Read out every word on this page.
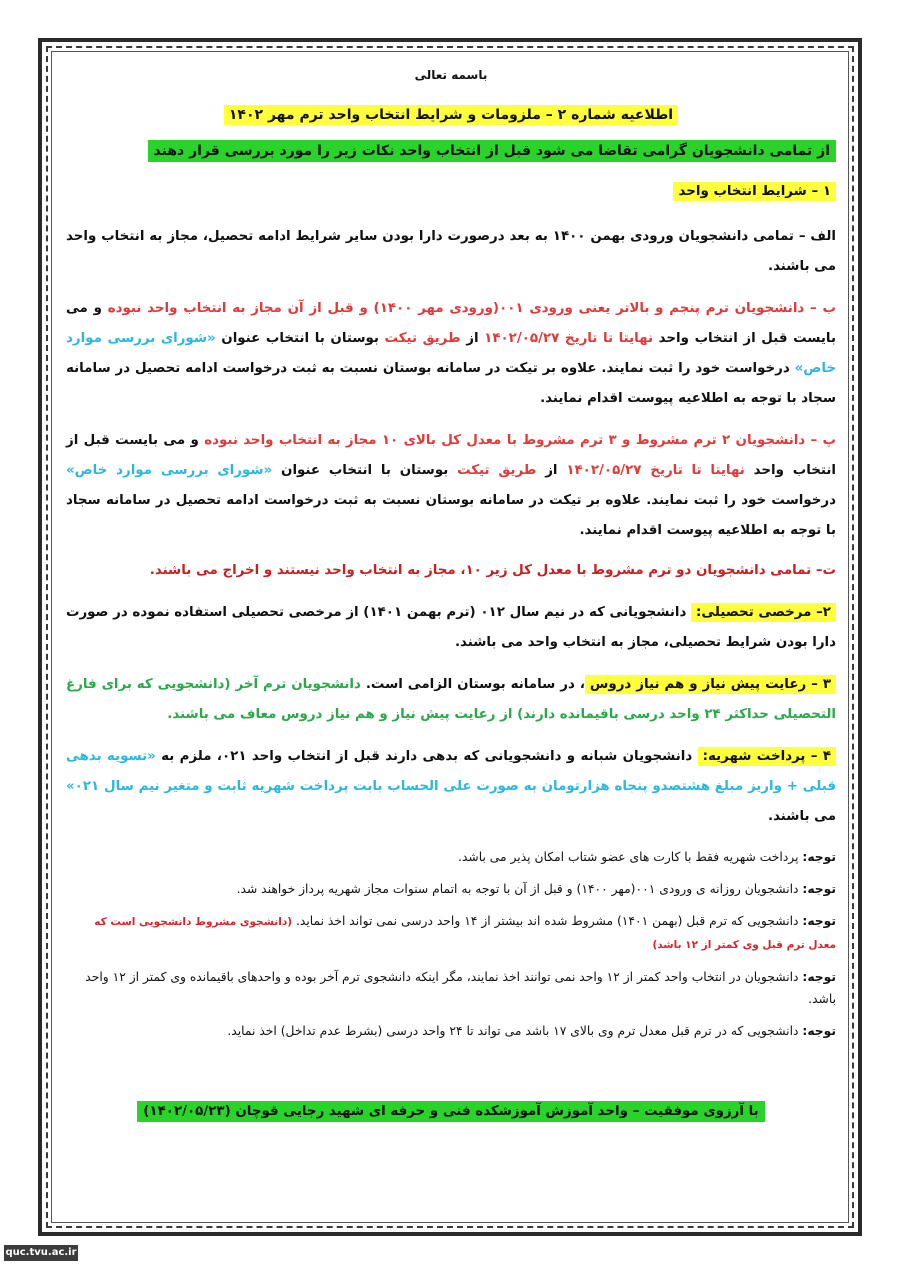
باسمه تعالی
اطلاعیه شماره ۲ – ملزومات و شرایط انتخاب واحد ترم مهر ۱۴۰۲
از تمامی دانشجویان گرامی تقاضا می شود قبل از انتخاب واحد نکات زیر را مورد بررسی قرار دهند
۱ – شرایط انتخاب واحد

الف – تمامی دانشجویان ورودی بهمن ۱۴۰۰ به بعد درصورت دارا بودن سایر شرایط ادامه تحصیل، مجاز به انتخاب واحد می باشند.

ب – دانشجویان ترم پنجم و بالاتر یعنی ورودی ۰۰۱(ورودی مهر ۱۴۰۰) و قبل از آن مجاز به انتخاب واحد نبوده و می بایست قبل از انتخاب واحد نهایتا تا تاریخ ۱۴۰۲/۰۵/۲۷ از طریق تیکت بوستان با انتخاب عنوان «شورای بررسی موارد خاص» درخواست خود را ثبت نمایند. علاوه بر تیکت در سامانه بوستان نسبت به ثبت درخواست ادامه تحصیل در سامانه سجاد با توجه به اطلاعیه پیوست اقدام نمایند.

پ – دانشجویان ۲ ترم مشروط و ۳ ترم مشروط با معدل کل بالای ۱۰ مجاز به انتخاب واحد نبوده و می بایست قبل از انتخاب واحد نهایتا تا تاریخ ۱۴۰۲/۰۵/۲۷ از طریق تیکت بوستان با انتخاب عنوان «شورای بررسی موارد خاص» درخواست خود را ثبت نمایند. علاوه بر تیکت در سامانه بوستان نسبت به ثبت درخواست ادامه تحصیل در سامانه سجاد با توجه به اطلاعیه پیوست اقدام نمایند.

ت– تمامی دانشجویان دو ترم مشروط با معدل کل زیر ۱۰، مجاز به انتخاب واحد نیستند و اخراج می باشند.

۲– مرخصی تحصیلی: دانشجویانی که در نیم سال ۰۱۲ (ترم بهمن ۱۴۰۱) از مرخصی تحصیلی استفاده نموده در صورت دارا بودن شرایط تحصیلی، مجاز به انتخاب واحد می باشند.

۳ – رعایت پیش نیاز و هم نیاز دروس، در سامانه بوستان الزامی است. دانشجویان ترم آخر (دانشجویی که برای فارغ التحصیلی حداکثر ۲۴ واحد درسی باقیمانده دارند) از رعایت پیش نیاز و هم نیاز دروس معاف می باشند.

۴ – پرداخت شهریه: دانشجویان شبانه و دانشجویانی که بدهی دارند قبل از انتخاب واحد ۰۲۱، ملزم به «تسویه بدهی قبلی + واریز مبلغ هشتصدو پنجاه هزارتومان به صورت علی الحساب بابت پرداخت شهریه ثابت و متغیر نیم سال ۰۲۱» می باشند.

توجه: پرداخت شهریه فقط با کارت های عضو شتاب امکان پذیر می باشد.

توجه: دانشجویان روزانه ی ورودی ۰۰۱(مهر ۱۴۰۰) و قبل از آن با توجه به اتمام سنوات مجاز شهریه پرداز خواهند شد.

توجه: دانشجویی که ترم قبل (بهمن ۱۴۰۱) مشروط شده اند بیشتر از ۱۴ واحد درسی نمی تواند اخذ نماید. (دانشجوی مشروط دانشجویی است که معدل ترم قبل وی کمتر از ۱۲ باشد)

توجه: دانشجویان در انتخاب واحد کمتر از ۱۲ واحد نمی توانند اخذ نمایند، مگر اینکه دانشجوی ترم آخر بوده و واحدهای باقیمانده وی کمتر از ۱۲ واحد باشد.

توجه: دانشجویی که در ترم قبل معدل ترم وی بالای ۱۷ باشد می تواند تا ۲۴ واحد درسی (بشرط عدم تداخل) اخذ نماید.

با آرزوی موفقیت – واحد آموزش آموزشکده فنی و حرفه ای شهید رجایی قوچان (۱۴۰۲/۰۵/۲۳)
quc.tvu.ac.ir
